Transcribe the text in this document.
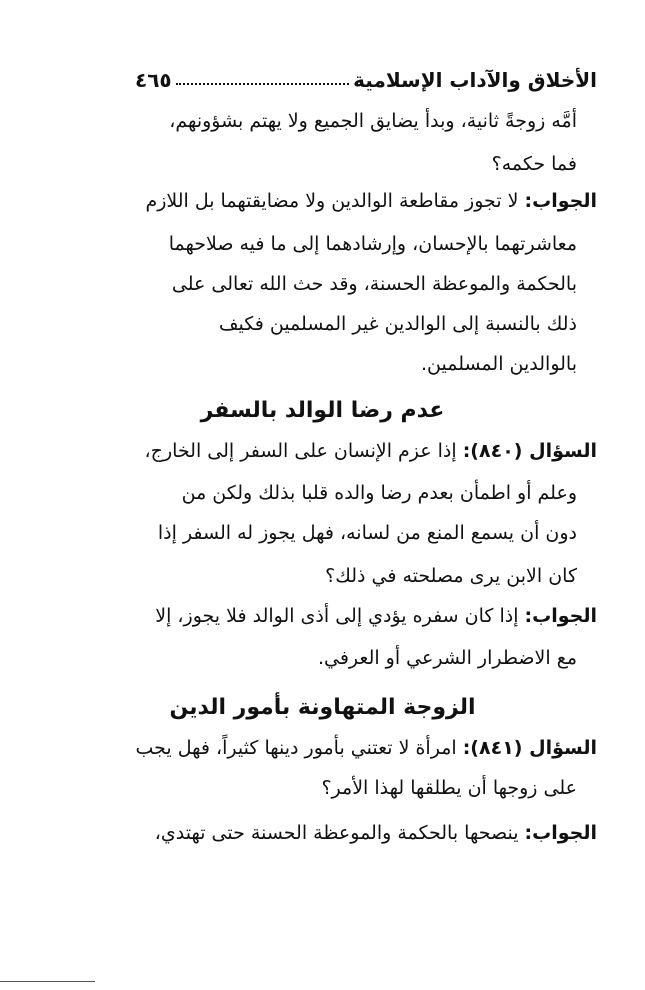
الأخلاق والآداب الإسلامية
٤٦٥
أمَّه زوجةً ثانية، وبدأ يضايق الجميع ولا يهتم بشؤونهم،
فما حكمه؟
الجواب: لا تجوز مقاطعة الوالدين ولا مضايقتهما بل اللازم
معاشرتهما بالإحسان، وإرشادهما إلى ما فيه صلاحهما
بالحكمة والموعظة الحسنة، وقد حث الله تعالى على
ذلك بالنسبة إلى الوالدين غير المسلمين فكيف
بالوالدين المسلمين.
عدم رضا الوالد بالسفر
السؤال (٨٤٠): إذا عزم الإنسان على السفر إلى الخارج،
وعلم أو اطمأن بعدم رضا والده قلبا بذلك ولكن من
دون أن يسمع المنع من لسانه، فهل يجوز له السفر إذا
كان الابن يرى مصلحته في ذلك؟
الجواب: إذا كان سفره يؤدي إلى أذى الوالد فلا يجوز، إلا
مع الاضطرار الشرعي أو العرفي.
الزوجة المتهاونة بأمور الدين
السؤال (٨٤١): امرأة لا تعتني بأمور دينها كثيراً، فهل يجب
على زوجها أن يطلقها لهذا الأمر؟
الجواب: ينصحها بالحكمة والموعظة الحسنة حتى تهتدي،
